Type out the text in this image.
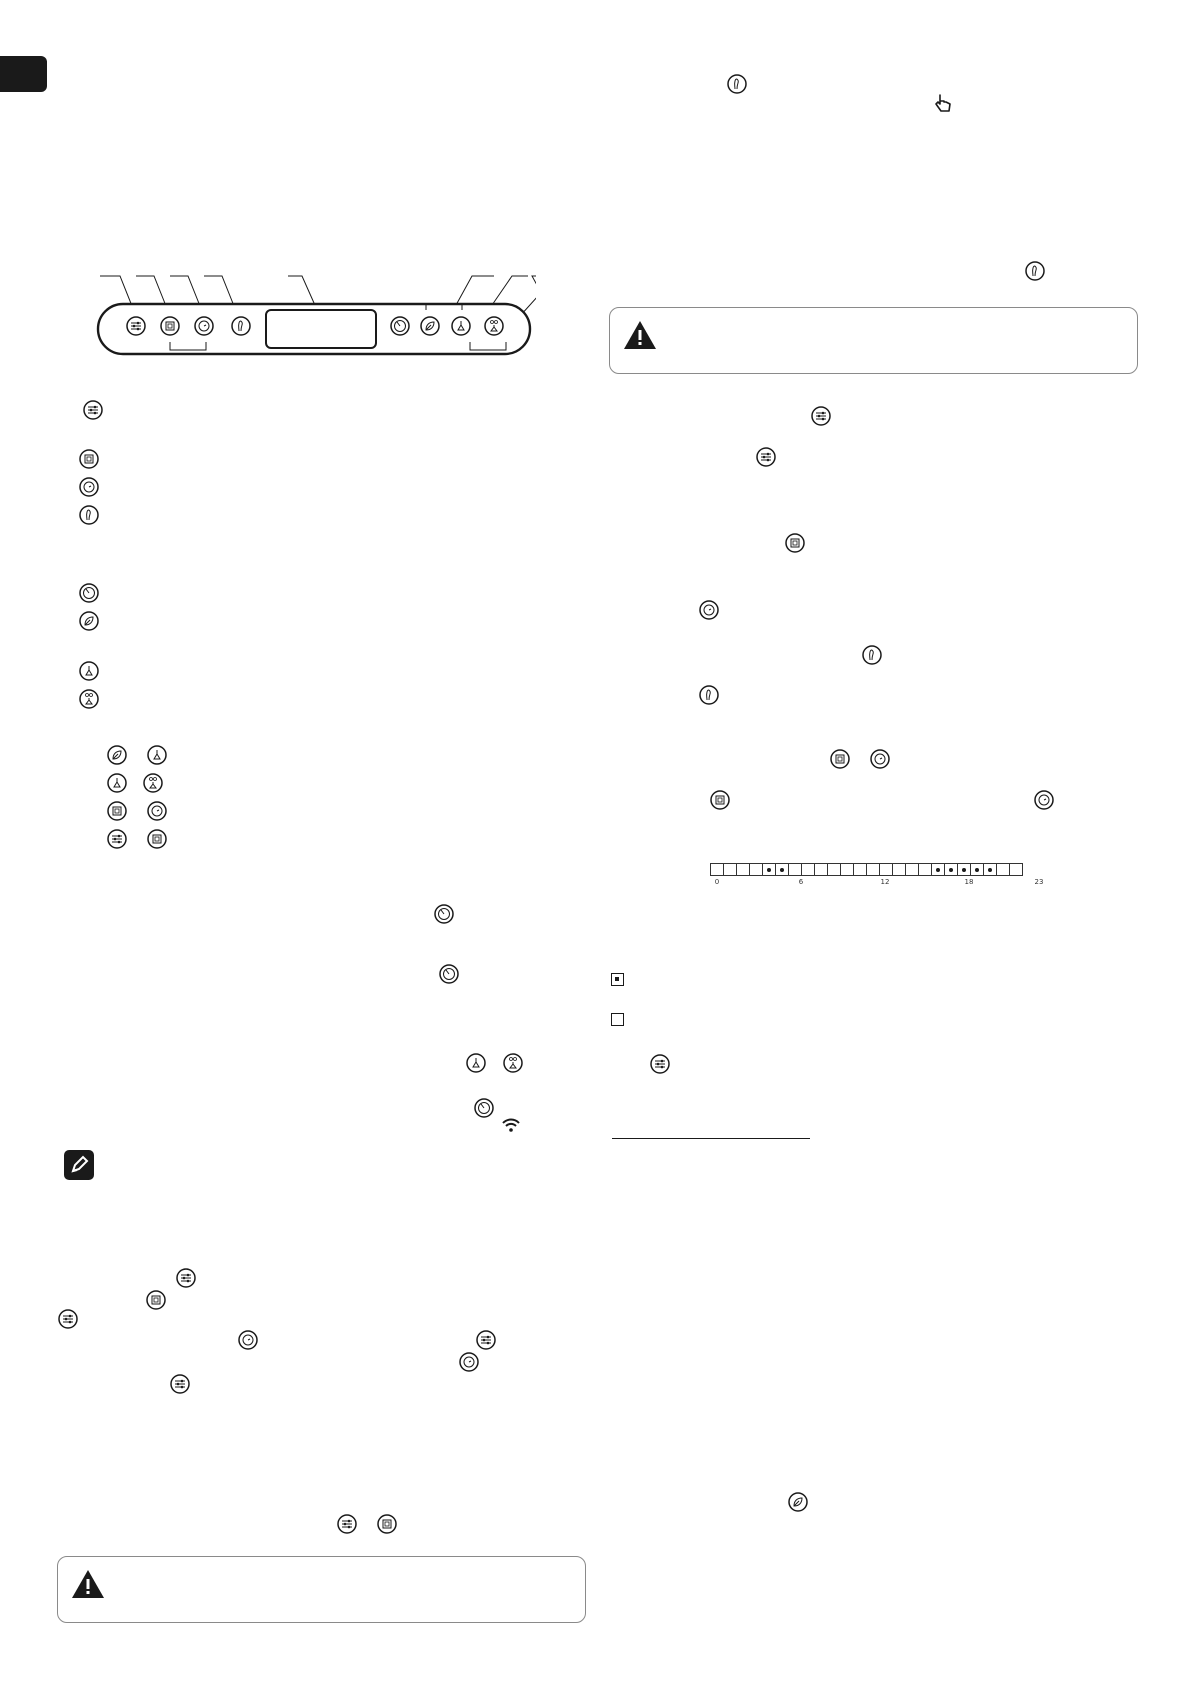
0	6	12	18	23
